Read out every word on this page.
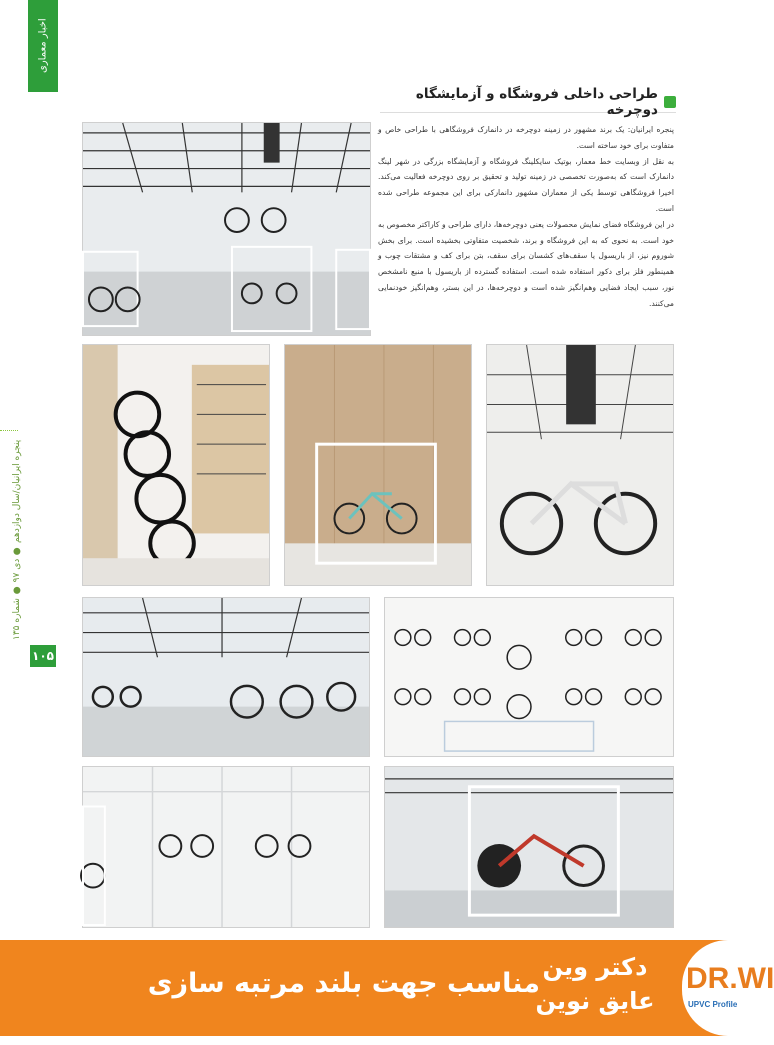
اخبار معماری
پنجره ایرانیان/سال دوازدهم ● دی ۹۷ ● شماره ۱۳۵
۱۰۵
طراحی داخلی فروشگاه و آزمایشگاه دوچرخه

پنجره ایرانیان: یک برند مشهور در زمینه دوچرخه در دانمارک فروشگاهی با طراحی خاص و متفاوت برای خود ساخته است.

به نقل از وبسایت خط معمار، بوتیک سایکلینگ فروشگاه و آزمایشگاه بزرگی در شهر لینگ دانمارک است که به‌صورت تخصصی در زمینه تولید و تحقیق بر روی دوچرخه فعالیت می‌کند. اخیرا فروشگاهی توسط یکی از معماران مشهور دانمارکی برای این مجموعه طراحی شده است.

در این فروشگاه فضای نمایش محصولات یعنی دوچرخه‌ها، دارای طراحی و کاراکتر مخصوص به خود است. به نحوی که به این فروشگاه و برند، شخصیت متفاوتی بخشیده است. برای بخش شوروم نیز، از باریسول یا سقف‌های کشسان برای سقف، بتن برای کف و مشتقات چوب و همینطور فلز برای دکور استفاده شده است. استفاده گسترده از باریسول با منبع نامشخص نور، سبب ایجاد فضایی وهم‌انگیز شده است و دوچرخه‌ها، در این بستر، وهم‌انگیز خودنمایی می‌کنند.

مناسب جهت بلند مرتبه سازی
دکتر وین
عایق نوین
DR.WI
UPVC Profile
